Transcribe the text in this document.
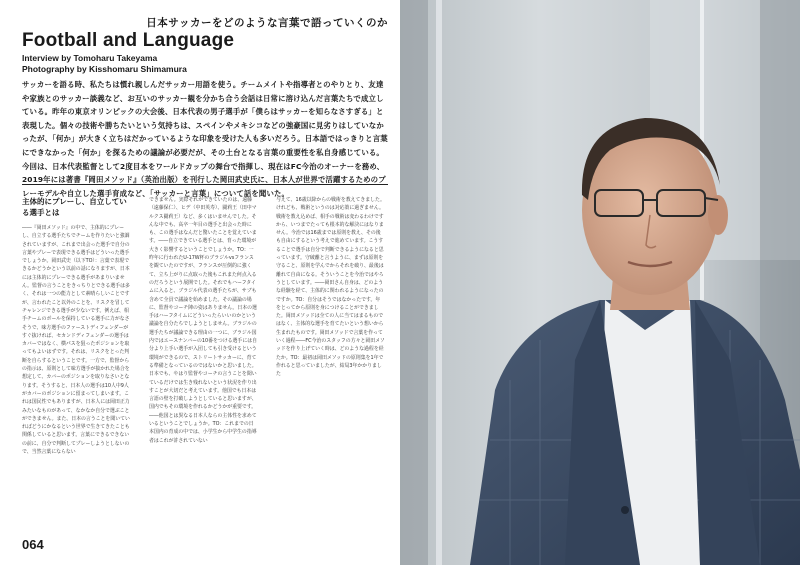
日本サッカーをどのような言葉で語っていくのか
Football and Language
Interview by Tomoharu Takeyama
Photography by Kisshomaru Shimamura
サッカーを語る時、私たちは慣れ親しんだサッカー用語を使う。チームメイトや指導者とのやりとり、友達や家族とのサッカー談義など、お互いのサッカー観を分かち合う会話は日常に溶け込んだ言葉たちで成立している。昨年の東京オリンピックの大会後、日本代表の男子選手が「僕らはサッカーを知らなさすぎる」と表現した。個々の技術や勝ちたいという気持ちは、スペインやメキシコなどの強豪国に見劣りはしていなかったが、「何か」が大きく立ちはだかっているような印象を受けた人も多いだろう。日本語ではっきりと言葉にできなかった「何か」を探るための議論が必要だが、その土台となる言葉の重要性を私自身感じている。今回は、日本代表監督として2度目本をワールドカップの舞台で指揮し、現在はFC今治のオーナーを務め、2019年には著書『岡田メソッド』（英治出版）を刊行した岡田武史氏に、日本人が世界で活躍するためのプレーモデルや自立した選手育成など、「サッカーと言葉」について話を聞いた。
主体的にプレーし、自立している選手とは

――『岡田メソッド』の中で、主体的にプレーし、自立する選手たちでチームを作りたいと強調されていますが、これまで出会った選手で自分の言葉やプレーで表現できる選手はどういった選手でしょうか。岡田武史（以下TO）：言葉で表現できるかどうかという以前の話になりますが、日本には主体的にプレーできる選手があまりいません。監督の言うことをきっちりとできる選手は多く、それは一つの能力として素晴らしいことですが、言われたこと以外のことを、リスクを冒してチャレンジできる選手が少ないです。例えば、相手チームのボールを保持している選手に力がなさそうで、味方選手のファーストディフェンダーがすぐ抜ければ、セカンドディフェンダーの選手はカバーではなく、横パスを狙ったポジションを取ってもよいはずです。それは、リスクをとった判断を自らするということです。一方で、監督からの指示は、原則として味方選手が抜かれた場合を想定して、カバーのポジションを取りなさいとなります。そうすると、日本人の選手は10人中9人がカバーのポジションに留まってしまいます。これは国民性でもありますが、日本人には岡田正力みたいなものがあって、なかなか自分で選ぶことができません。また、日本の言うことを聞いていればどうにかなるという世界で生きてきたことも関係していると思います。言葉にできるできないの前に、自分で判断してプレーしようとしないので、当然言葉にならない

できません。実際それができていたのは、遠藤（遠藤保仁）、ヒデ（中田英寿）、闘莉王（田中マルクス闘莉王）など、多くはいませんでした。そんな中でも、高卒一年目の選手と出会った時にも、この選手はなんだと驚いたことを覚えています。――自立できている選手とは、育った環境が大きく影響するということでしょうか。TO：一昨年に行われたU-17W杯のブラジルvsフランスを観ていたのですが、フランスが圧倒的に強くて、立ち上がりに点取った後もこれまた何点入るのだろうという展開でした。それでもハーフタイムに入ると、ブラジル代表の選手たちが、サブも含めて全員で議論を始めました。その議論の場に、監督やコーチ陣の姿はありません。日本の選手はハーフタイムにどういったらいいのかという議論を自分たちでしようとしません。ブラジルの選手たちが議論できる理由の一つに、ブラジル国内ではエースナンバーの10番をつける選手には自分より上手い選手が入団しても引き受けるという環境ができるので、ストリートサッカーに、育てる準備となっているのではないかと思いました。日本でも、やはり監督やコーチの言うことを聞いているだけでは生き残れないという状況を作り出すことが大切だと考えています。他国でも日本は言語の壁を打破しようとしていると思いますが、国内でもその環境を作れるかどうかが重要です。――他国とは異なる日本人ならの主体性を求めているということでしょうか。TO：これまでの日本国内の育成の中では、小学生から中学生の指導者はこれが許されていない

与えて、16歳以降からの戦術を教えてきました。けれども、戦術というのは対応策に過ぎません。戦術を教え込めば、相手の戦術は変わるわけですから、いつまでたっても根本的な解決にはなりません。今治では16歳までは原則を教え、その後も自由にするという考えで進めています。こうすることで選手は自分で判断できるようになると思っています。守破離と言うように、まずは原則を守ること、原則を学んでからそれを破り、最後は離れて自由になる。そういうことを今治ではやろうとしています。――岡田さん自身は、どのような経験を経て、主体的に関われるようになったのですか。TO：自分はそうではなかったです。年をとってから原則を身につけることができました。岡田メソッドは全ての人に当てはまるものではなく、主体的な選手を育てたいという想いから生まれたものです。岡田メソッドで言葉を作っていく過程――FC今治のスタッフの方々と岡田メソッドを作り上げていく時は、どのような過程を経たか。TO：最初は岡田メソッドの原則集を1年で作れると思っていましたが、結局3年かかりました

064
